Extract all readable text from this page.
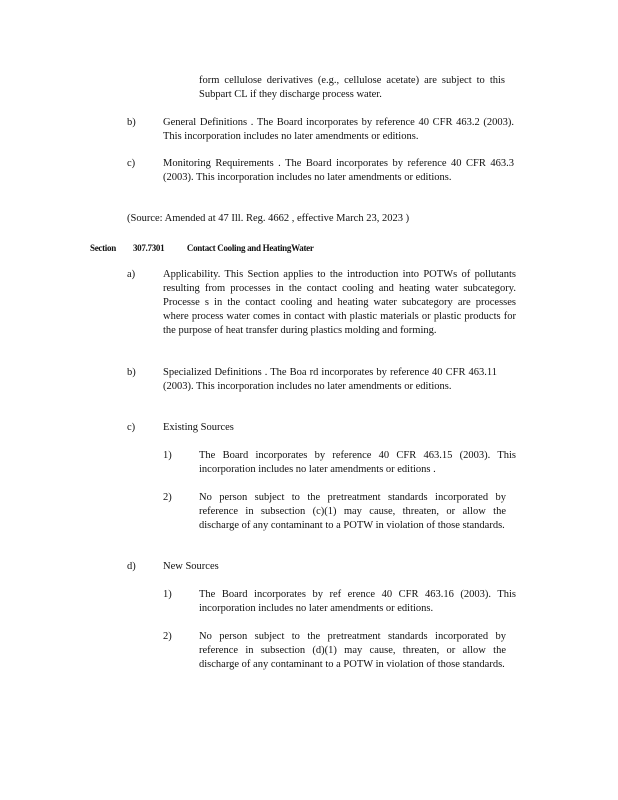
form cellulose derivatives (e.g., cellulose acetate) are subject to this Subpart CL if they discharge process water.

b)	General Definitions . The Board incorporates by reference 40 CFR 463.2 (2003). This incorporation includes no later amendments or editions.

c)	Monitoring Requirements . The Board incorporates by reference 40 CFR 463.3 (2003). This incorporation includes no later amendments or editions.

(Source: Amended at 47 Ill. Reg. 4662 , effective March 23, 2023 )

Section 307.7301	Contact Cooling and HeatingWater

a)	Applicability. This Section applies to the introduction into POTWs of pollutants resulting from processes in the contact cooling and heating water subcategory. Processe s in the contact cooling and heating water subcategory are processes where process water comes in contact with plastic materials or plastic products for the purpose of heat transfer during plastics molding and forming.

b)	Specialized Definitions . The Boa rd incorporates by reference 40 CFR 463.11 (2003). This incorporation includes no later amendments or editions.

c)	Existing Sources

1)	The Board incorporates by reference 40 CFR 463.15 (2003). This incorporation includes no later amendments or editions .

2)	No person subject to the pretreatment standards incorporated by reference in subsection (c)(1) may cause, threaten, or allow the discharge of any contaminant to a POTW in violation of those standards.

d)	New Sources

1)	The Board incorporates by ref erence 40 CFR 463.16 (2003). This incorporation includes no later amendments or editions.

2)	No person subject to the pretreatment standards incorporated by reference in subsection (d)(1) may cause, threaten, or allow the discharge of any contaminant to a POTW in violation of those standards.
